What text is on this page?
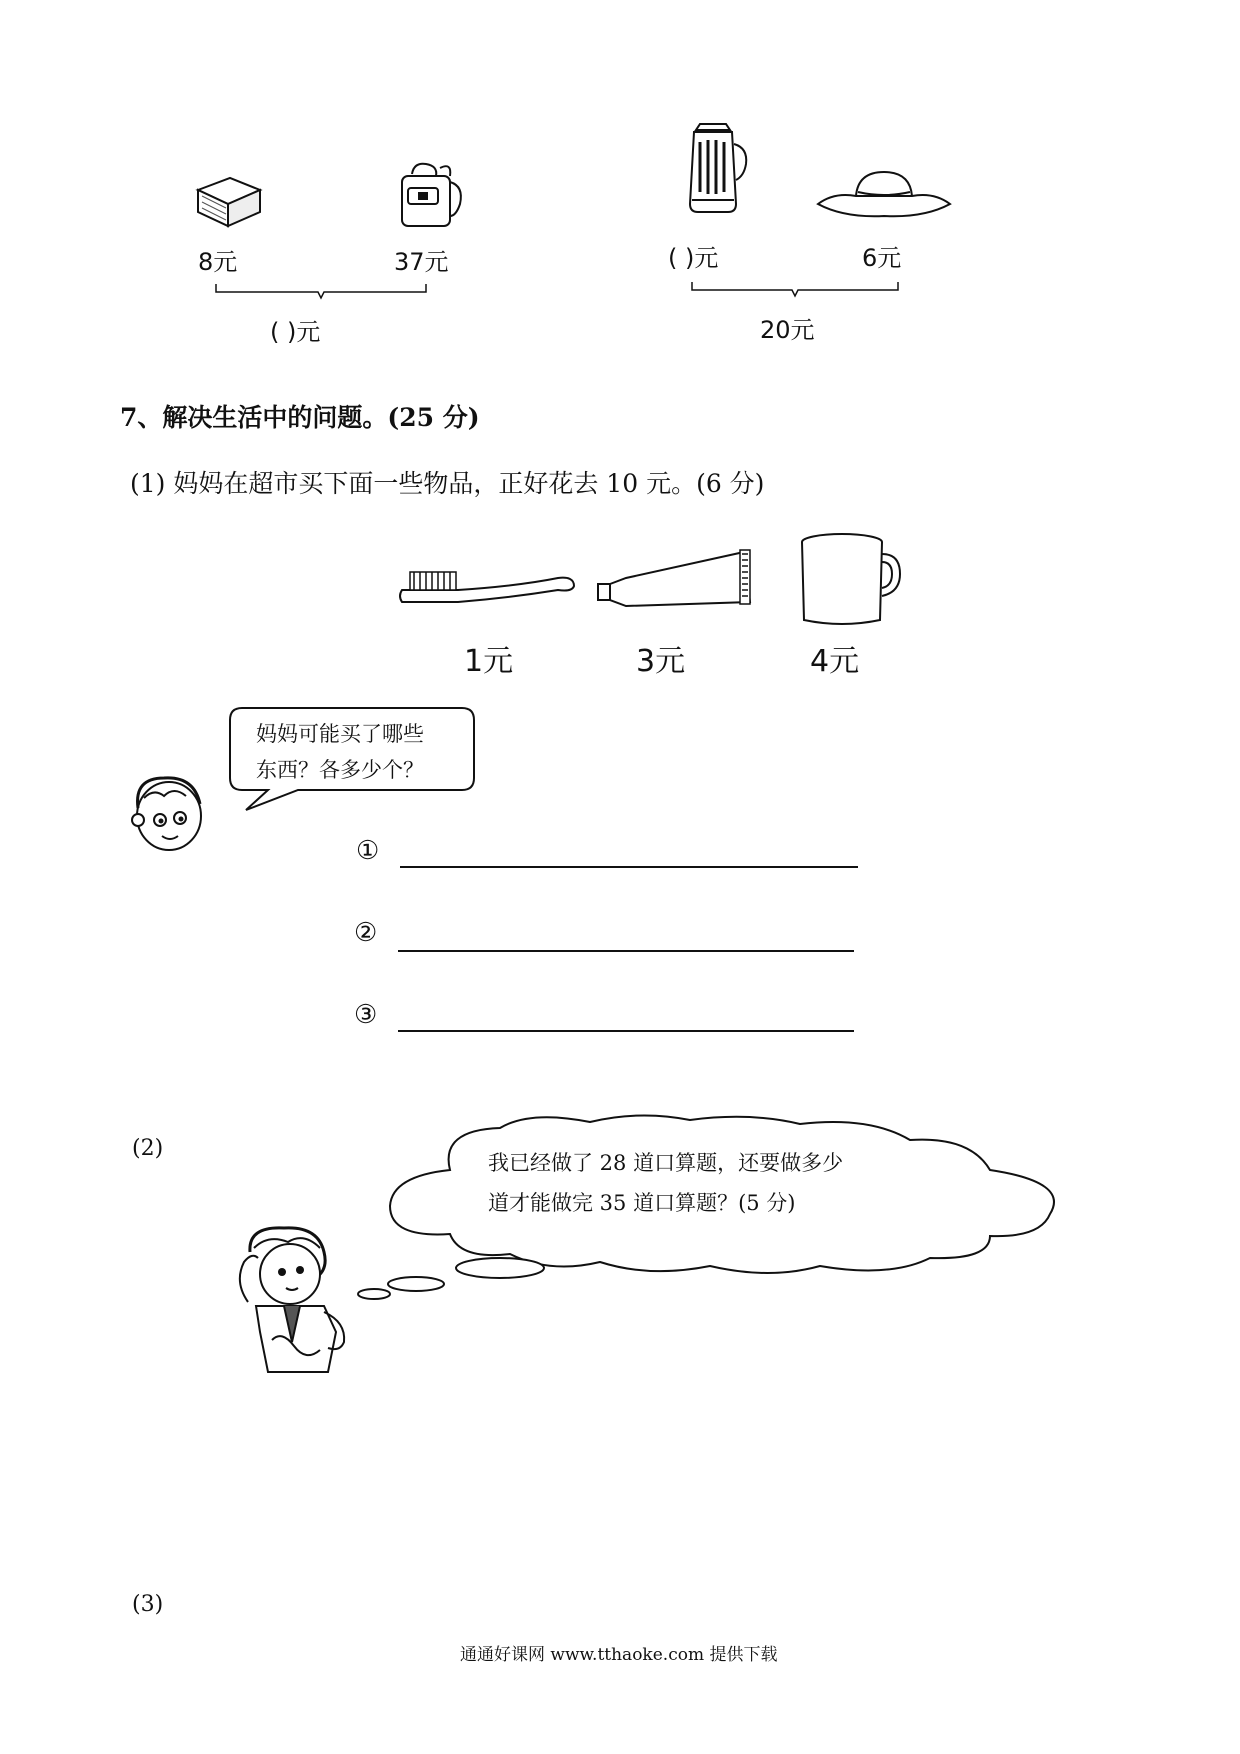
8元	37元
( )元
( )元	6元
20元
7、解决生活中的问题。(25 分)
(1) 妈妈在超市买下面一些物品，正好花去 10 元。(6 分)
1元	3元	4元
妈妈可能买了哪些
东西？各多少个？
①
②
③
(2)
我已经做了 28 道口算题，还要做多少
道才能做完 35 道口算题？(5 分)
(3)
通通好课网 www.tthaoke.com 提供下载
